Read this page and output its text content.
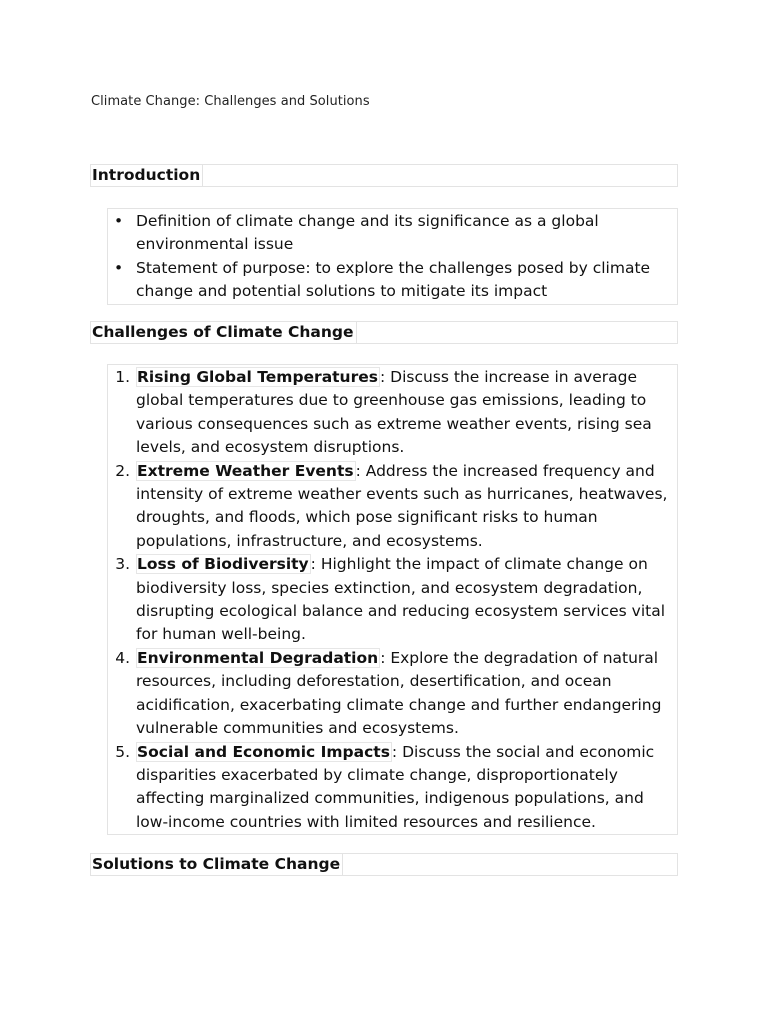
Climate Change: Challenges and Solutions
Introduction
• Definition of climate change and its significance as a global environmental issue
• Statement of purpose: to explore the challenges posed by climate change and potential solutions to mitigate its impact
Challenges of Climate Change
1. Rising Global Temperatures : Discuss the increase in average global temperatures due to greenhouse gas emissions, leading to various consequences such as extreme weather events, rising sea levels, and ecosystem disruptions.
2. Extreme Weather Events : Address the increased frequency and intensity of extreme weather events such as hurricanes, heatwaves, droughts, and floods, which pose significant risks to human populations, infrastructure, and ecosystems.
3. Loss of Biodiversity : Highlight the impact of climate change on biodiversity loss, species extinction, and ecosystem degradation, disrupting ecological balance and reducing ecosystem services vital for human well-being.
4. Environmental Degradation : Explore the degradation of natural resources, including deforestation, desertification, and ocean acidification, exacerbating climate change and further endangering vulnerable communities and ecosystems.
5. Social and Economic Impacts : Discuss the social and economic disparities exacerbated by climate change, disproportionately affecting marginalized communities, indigenous populations, and low-income countries with limited resources and resilience.
Solutions to Climate Change
